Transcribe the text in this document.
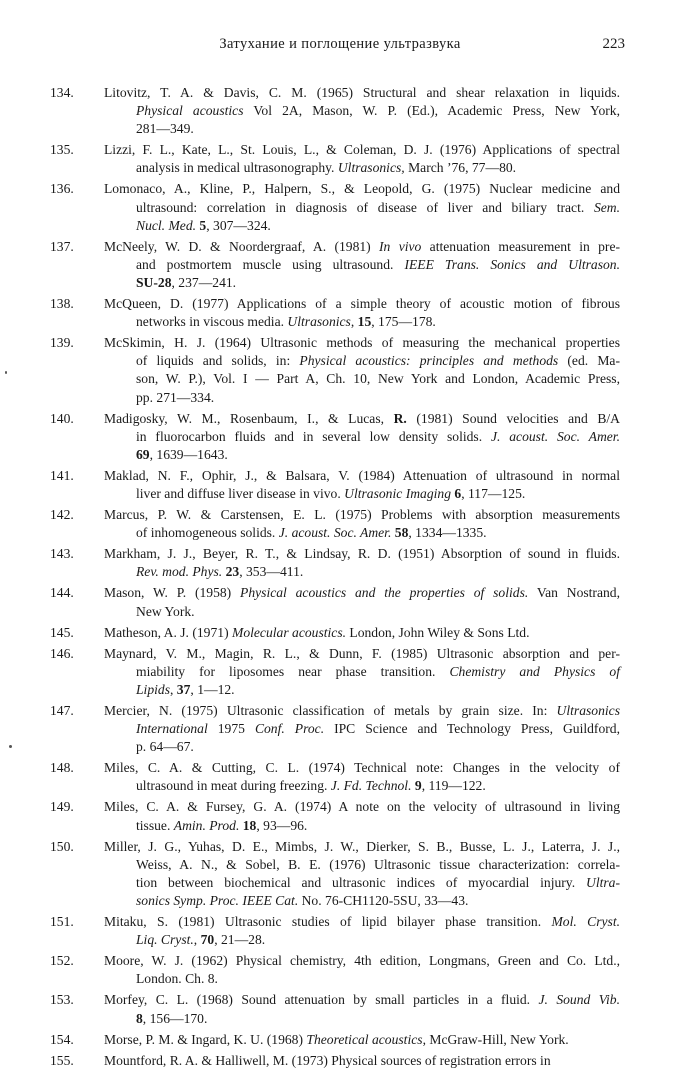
Затухание и поглощение ультразвука	223
134.	Litovitz, T. A. & Davis, C. M. (1965) Structural and shear relaxation in liquids.
Physical acoustics Vol 2A, Mason, W. P. (Ed.), Academic Press, New York,
281—349.
135.	Lizzi, F. L., Kate, L., St. Louis, L., & Coleman, D. J. (1976) Applications of spectral
analysis in medical ultrasonography. Ultrasonics, March ’76, 77—80.
136.	Lomonaco, A., Kline, P., Halpern, S., & Leopold, G. (1975) Nuclear medicine and
ultrasound: correlation in diagnosis of disease of liver and biliary tract. Sem.
Nucl. Med. 5, 307—324.
137.	McNeely, W. D. & Noordergraaf, A. (1981) In vivo attenuation measurement in pre-
and postmortem muscle using ultrasound. IEEE Trans. Sonics and Ultrason.
SU-28, 237—241.
138.	McQueen, D. (1977) Applications of a simple theory of acoustic motion of fibrous
networks in viscous media. Ultrasonics, 15, 175—178.
139.	McSkimin, H. J. (1964) Ultrasonic methods of measuring the mechanical properties
of liquids and solids, in: Physical acoustics: principles and methods (ed. Ma-
son, W. P.), Vol. I — Part A, Ch. 10, New York and London, Academic Press,
pp. 271—334.
140.	Madigosky, W. M., Rosenbaum, I., & Lucas, R. (1981) Sound velocities and B/A
in fluorocarbon fluids and in several low density solids. J. acoust. Soc. Amer.
69, 1639—1643.
141.	Maklad, N. F., Ophir, J., & Balsara, V. (1984) Attenuation of ultrasound in normal
liver and diffuse liver disease in vivo. Ultrasonic Imaging 6, 117—125.
142.	Marcus, P. W. & Carstensen, E. L. (1975) Problems with absorption measurements
of inhomogeneous solids. J. acoust. Soc. Amer. 58, 1334—1335.
143.	Markham, J. J., Beyer, R. T., & Lindsay, R. D. (1951) Absorption of sound in fluids.
Rev. mod. Phys. 23, 353—411.
144.	Mason, W. P. (1958) Physical acoustics and the properties of solids. Van Nostrand,
New York.
145.	Matheson, A. J. (1971) Molecular acoustics. London, John Wiley & Sons Ltd.
146.	Maynard, V. M., Magin, R. L., & Dunn, F. (1985) Ultrasonic absorption and per-
miability for liposomes near phase transition. Chemistry and Physics of
Lipids, 37, 1—12.
147.	Mercier, N. (1975) Ultrasonic classification of metals by grain size. In: Ultrasonics
International 1975 Conf. Proc. IPC Science and Technology Press, Guildford,
p. 64—67.
148.	Miles, C. A. & Cutting, C. L. (1974) Technical note: Changes in the velocity of
ultrasound in meat during freezing. J. Fd. Technol. 9, 119—122.
149.	Miles, C. A. & Fursey, G. A. (1974) A note on the velocity of ultrasound in living
tissue. Amin. Prod. 18, 93—96.
150.	Miller, J. G., Yuhas, D. E., Mimbs, J. W., Dierker, S. B., Busse, L. J., Laterra, J. J.,
Weiss, A. N., & Sobel, B. E. (1976) Ultrasonic tissue characterization: correla-
tion between biochemical and ultrasonic indices of myocardial injury. Ultra-
sonics Symp. Proc. IEEE Cat. No. 76-CH1120-5SU, 33—43.
151.	Mitaku, S. (1981) Ultrasonic studies of lipid bilayer phase transition. Mol. Cryst.
Liq. Cryst., 70, 21—28.
152.	Moore, W. J. (1962) Physical chemistry, 4th edition, Longmans, Green and Co. Ltd.,
London. Ch. 8.
153.	Morfey, C. L. (1968) Sound attenuation by small particles in a fluid. J. Sound Vib.
8, 156—170.
154.	Morse, P. M. & Ingard, K. U. (1968) Theoretical acoustics, McGraw-Hill, New York.
155.	Mountford, R. A. & Halliwell, M. (1973) Physical sources of registration errors in
